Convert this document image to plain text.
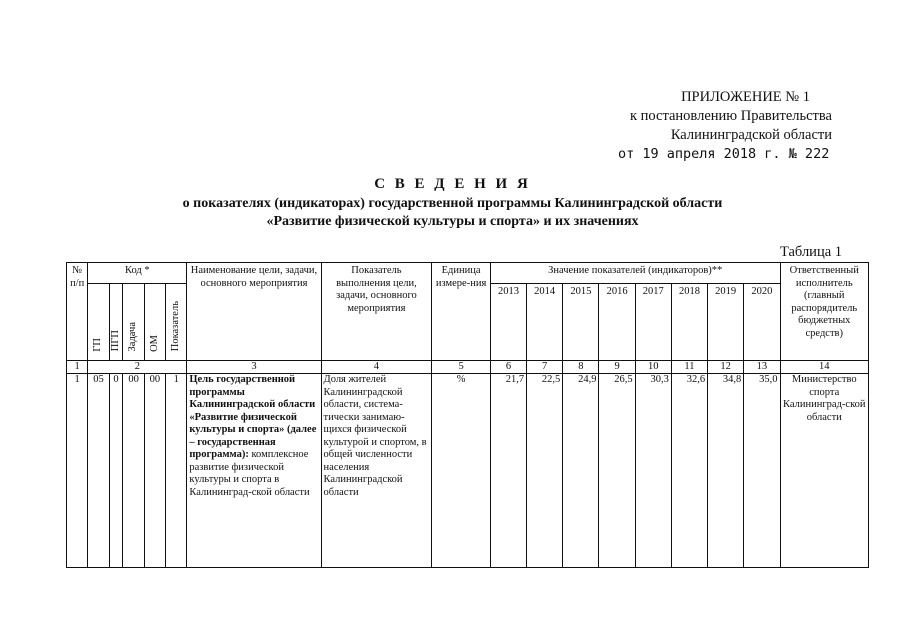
ПРИЛОЖЕНИЕ № 1
к постановлению Правительства
Калининградской области
от 19 апреля 2018 г. № 222
С В Е Д Е Н И Я
о показателях (индикаторах) государственной программы Калининградской области
«Развитие физической культуры и спорта» и их значениях
Таблица 1
№ п/п	Код *					Наименование цели, задачи, основного мероприятия	Показатель выполнения цели, задачи, основного мероприятия	Единица измере-ния	Значение показателей (индикаторов)**								Ответственный исполнитель (главный распорядитель бюджетных средств)
	ГП	ПГП	Задача	ОМ	Показатель				2013	2014	2015	2016	2017	2018	2019	2020	
1	2					3	4	5	6	7	8	9	10	11	12	13	14
1	05	0	00	00	1	Цель государственной программы Калининградской области «Развитие физической культуры и спорта» (далее – государственная программа): комплексное развитие физической культуры и спорта в Калининград-ской области	Доля жителей Калининградской области, система-тически занимаю-щихся физической культурой и спортом, в общей численности населения Калининградской области	%	21,7	22,5	24,9	26,5	30,3	32,6	34,8	35,0	Министерство спорта Калининград-ской области
